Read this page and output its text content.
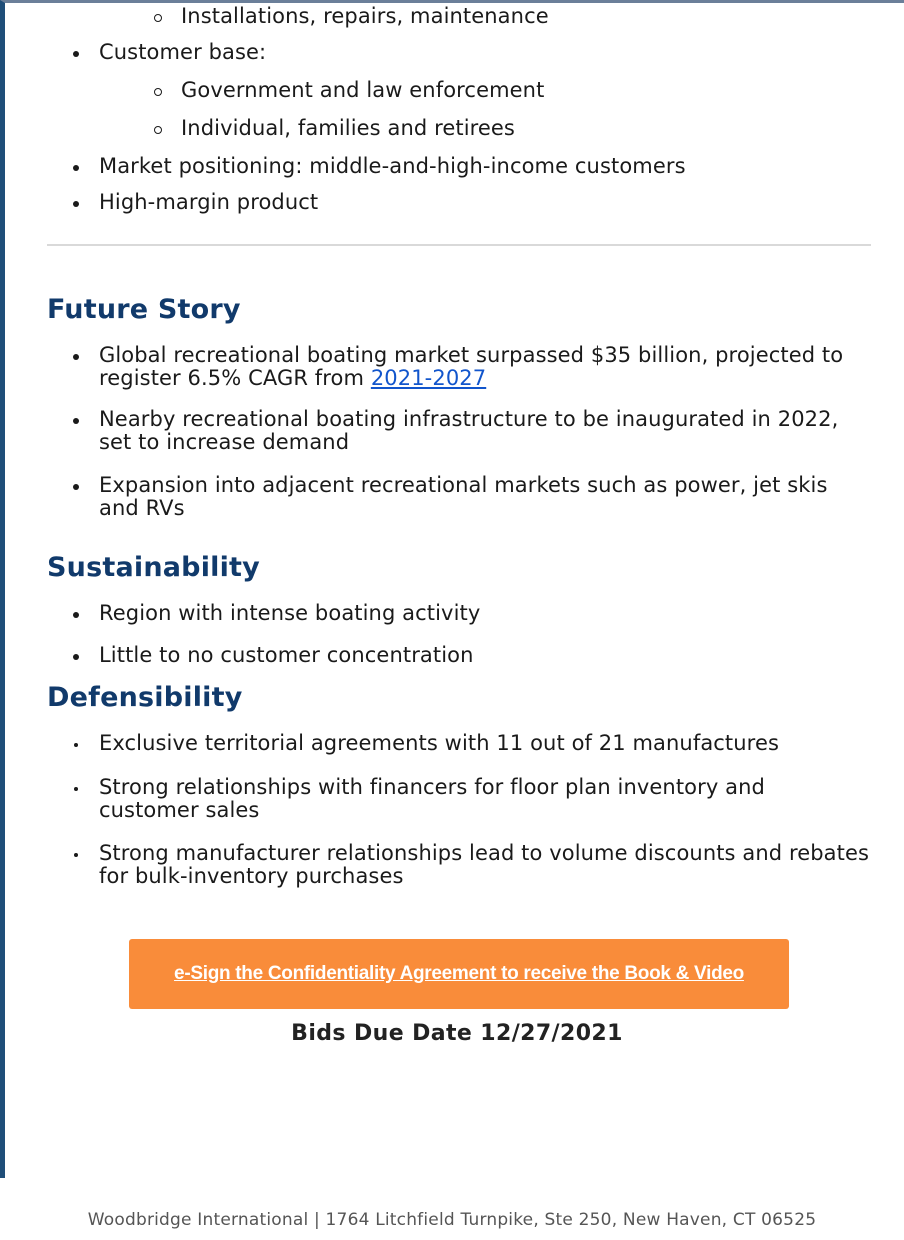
Installations, repairs, maintenance
Customer base:
Government and law enforcement
Individual, families and retirees
Market positioning: middle-and-high-income customers
High-margin product
Future Story
Global recreational boating market surpassed $35 billion, projected to register 6.5% CAGR from 2021-2027
Nearby recreational boating infrastructure to be inaugurated in 2022, set to increase demand
Expansion into adjacent recreational markets such as power, jet skis and RVs
Sustainability
Region with intense boating activity
Little to no customer concentration
Defensibility
Exclusive territorial agreements with 11 out of 21 manufactures
Strong relationships with financers for floor plan inventory and customer sales
Strong manufacturer relationships lead to volume discounts and rebates for bulk-inventory purchases
e-Sign the Confidentiality Agreement to receive the Book & Video
Bids Due Date 12/27/2021
Woodbridge International | 1764 Litchfield Turnpike, Ste 250, New Haven, CT 06525
